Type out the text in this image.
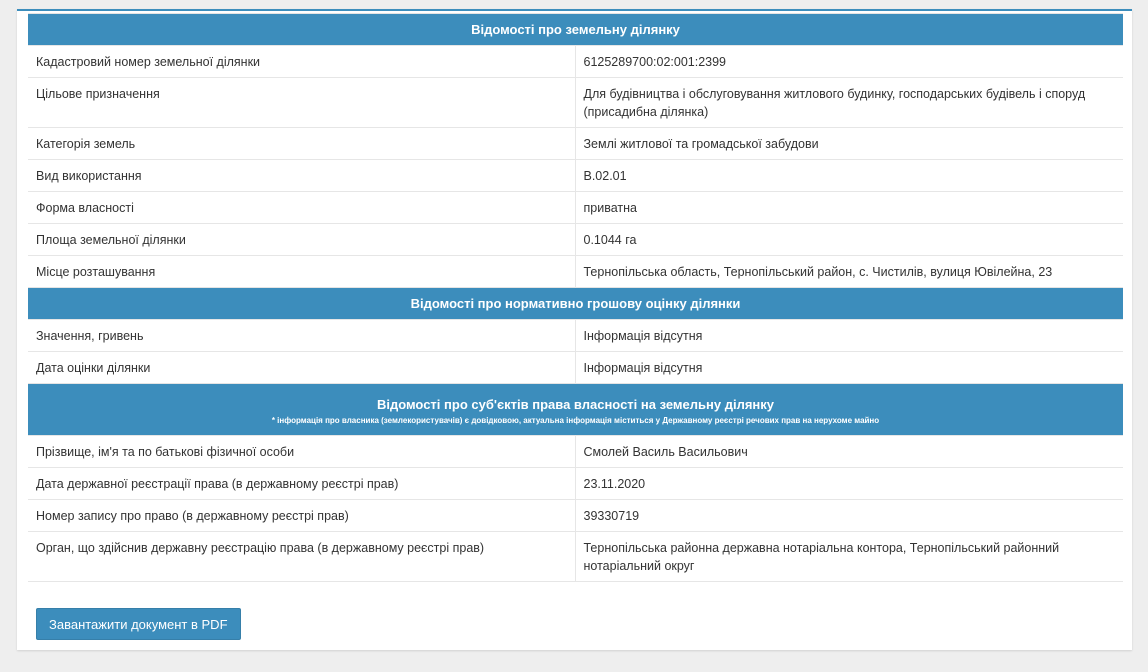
Відомості про земельну ділянку	
Кадастровий номер земельної ділянки	6125289700:02:001:2399
Цільове призначення	Для будівництва і обслуговування житлового будинку, господарських будівель і споруд (присадибна ділянка)
Категорія земель	Землі житлової та громадської забудови
Вид використання	В.02.01
Форма власності	приватна
Площа земельної ділянки	0.1044 га
Місце розташування	Тернопільська область, Тернопільський район, с. Чистилів, вулиця Ювілейна, 23
Відомості про нормативно грошову оцінку ділянки	
Значення, гривень	Інформація відсутня
Дата оцінки ділянки	Інформація відсутня
Відомості про суб'єктів права власності на земельну ділянку
* інформація про власника (землекористувачів) є довідковою, актуальна інформація міститься у Державному реєстрі речових прав на нерухоме майно	

Прізвище, ім'я та по батькові фізичної особи	Смолей Василь Васильович
Дата державної реєстрації права (в державному реєстрі прав)	23.11.2020
Номер запису про право (в державному реєстрі прав)	39330719
Орган, що здійснив державну реєстрацію права (в державному реєстрі прав)	Тернопільська районна державна нотаріальна контора, Тернопільський районний нотаріальний округ
Завантажити документ в PDF
